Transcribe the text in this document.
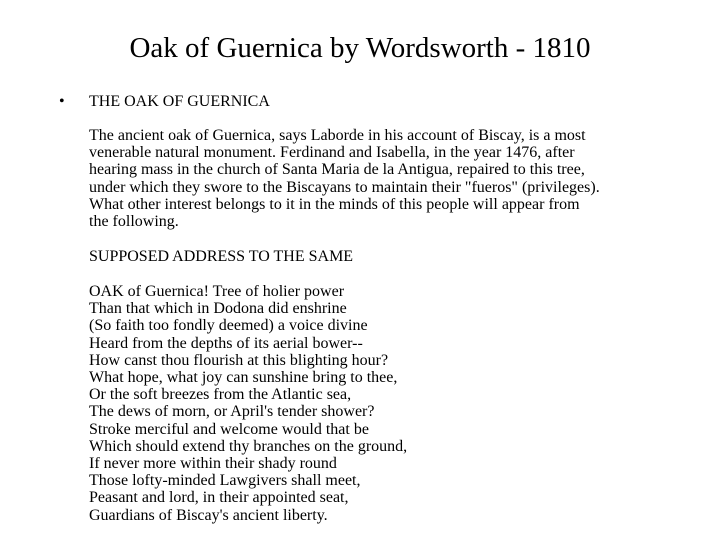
Oak of Guernica by Wordsworth - 1810
• THE OAK OF GUERNICA
The ancient oak of Guernica, says Laborde in his account of Biscay, is a most
venerable natural monument. Ferdinand and Isabella, in the year 1476, after
hearing mass in the church of Santa Maria de la Antigua, repaired to this tree,
under which they swore to the Biscayans to maintain their "fueros" (privileges).
What other interest belongs to it in the minds of this people will appear from
the following.
SUPPOSED ADDRESS TO THE SAME
OAK of Guernica! Tree of holier power
Than that which in Dodona did enshrine
(So faith too fondly deemed) a voice divine
Heard from the depths of its aerial bower--
How canst thou flourish at this blighting hour?
What hope, what joy can sunshine bring to thee,
Or the soft breezes from the Atlantic sea,
The dews of morn, or April's tender shower?
Stroke merciful and welcome would that be
Which should extend thy branches on the ground,
If never more within their shady round
Those lofty-minded Lawgivers shall meet,
Peasant and lord, in their appointed seat,
Guardians of Biscay's ancient liberty.
